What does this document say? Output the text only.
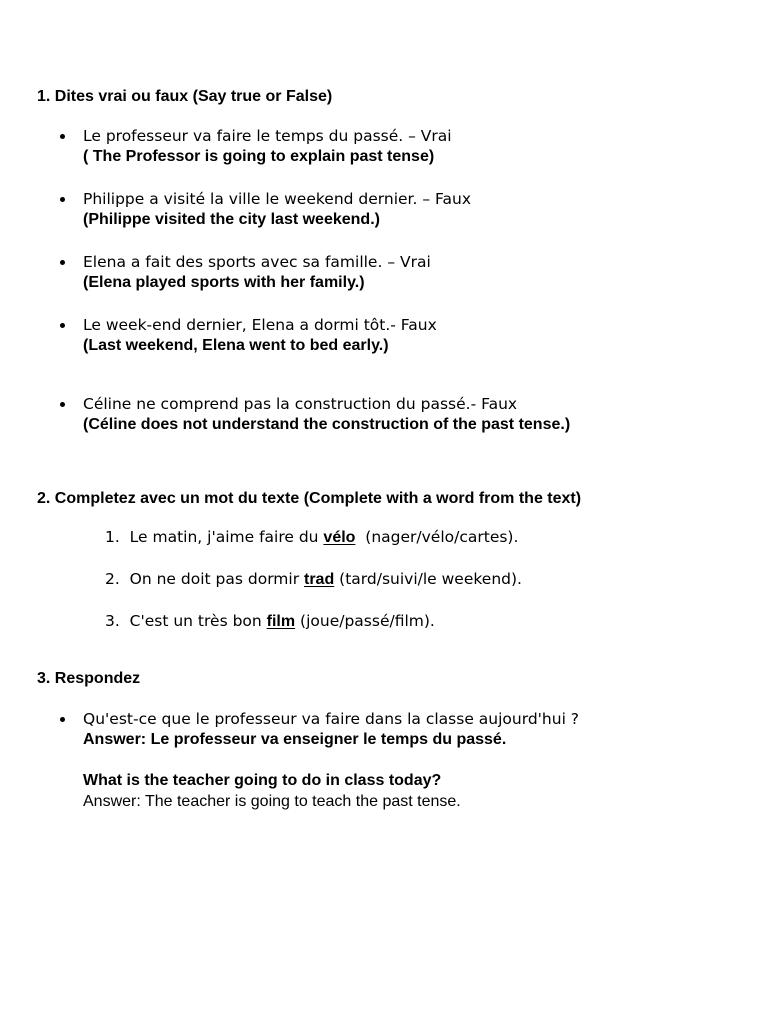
1. Dites vrai ou faux (Say true or False)
Le professeur va faire le temps du passé. – Vrai
( The Professor is going to explain past tense)
Philippe a visité la ville le weekend dernier. – Faux
(Philippe visited the city last weekend.)
Elena a fait des sports avec sa famille. – Vrai
(Elena played sports with her family.)
Le week-end dernier, Elena a dormi tôt.- Faux
(Last weekend, Elena went to bed early.)
Céline ne comprend pas la construction du passé.- Faux
(Céline does not understand the construction of the past tense.)
2. Completez avec un mot du texte (Complete with a word from the text)
1. Le matin, j'aime faire du vélo  (nager/vélo/cartes).
2. On ne doit pas dormir trad (tard/suivi/le weekend).
3. C'est un très bon film (joue/passé/film).
3. Respondez
Qu'est-ce que le professeur va faire dans la classe aujourd'hui ?
Answer: Le professeur va enseigner le temps du passé.
What is the teacher going to do in class today?
Answer: The teacher is going to teach the past tense.
